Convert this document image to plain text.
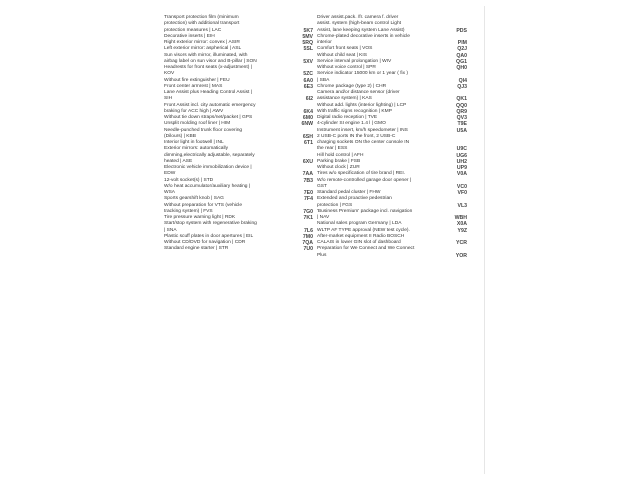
Transport protection film (minimum
protection) with additional transport
protection measures | LAC	5K7
Decorative inserts | EIH	5MV
Right exterior mirror: convex | ASIR	5RQ
Left exterior mirror: aspherical | ASL	5SL
Sun visors with mirror, illuminated, with
airbag label on sun visor and B-pillar | SON	5XV
Headrests for front seats (x-adjustment) |
KOV	5ZC
Without fire extinguisher | FEU	6A0
Front center armrest | MAS	6E3
Lane Assist plus Heading Control Assist |
SIH	6I2
Front Assist incl. city automatic emergency
braking for ACC high | AWV	6K4
Without tie down straps/net/packet | GPS	6M0
Unsplit molding roof liner | HIM	6NW
Needle-punched trunk floor covering
(Dilours) | KBB	6SH
Interior light in footwell | INL	6T1
Exterior mirrors: automatically
dimming,electrically adjustable, separately
heated | ASE	6XU
Electronic vehicle immobilization device |
EDW	7AA
12-volt socket(s) | STD	7B3
W/o heat accumulator/auxiliary heating |
WSA	7E0
Sports gearshift knob | SAG	7F4
Without preparation for VTS (vehicle
tracking system) | FVS	7G0
Tire pressure warning light | RDK	7K1
Start/stop system with regenerative braking
| SNA	7L6
Plastic scuff plates in door apertures | EIL	7M0
Without CD/DVD for navigation | CDR	7QA
Standard engine starter | STR	7U0
Driver assist.pack. /fr. camera f. driver
assist. system (high-beam control Light
Assist, lane keeping system Lane Assist)	PDS
Chrome-plated decorative inserts in vehicle
interior	PIM
Comfort front seats | VOS	Q2J
Without child seat | KIS	QA0
Service interval prolongation | WIV	QG1
Without voice control | SPR	QH0
Service indicator 15000 km or 1 year ( fix )
| SBA	QI4
Chrome package (type 2) | CHR	QJ3
Camera and/or distance sensor (driver
assistance system) | KAS	QK1
Without add. lights (interior lighting) | LCP	QQ0
With traffic signs recognition | KMP	QR9
Digital radio reception | TVE	QV3
4-cylinder SI engine 1.4 l | GMO	T9E
Instrument insert, km/h speedometer | INS	U5A
2 USB-C ports IN the front, 2 USB-C
charging sockets ON the center console IN
the rear | ESS	U9C
Hill hold control | AFH	UG6
Parking brake | FSB	UH2
Without clock | ZUR	UP9
Tires w/o specification of tire brand | REI.	V0A
W/o remote-controlled garage door opener |
GST	VC0
Standard pedal cluster | FHW	VF0
Extended and proactive pedestrian
protection | FGS	VL3
'Business Premium' package incl. navigation
| NAV	WBH
National sales program Germany | LDA	X0A
WLTP AF TYPE approval (NEW test cycle).	Y9Z
After-market equipment II Radio BOSCH
CALAIS in lower GIN slot of dashboard	YCR
Preparation for We Connect and We Connect
Plus	YOR
